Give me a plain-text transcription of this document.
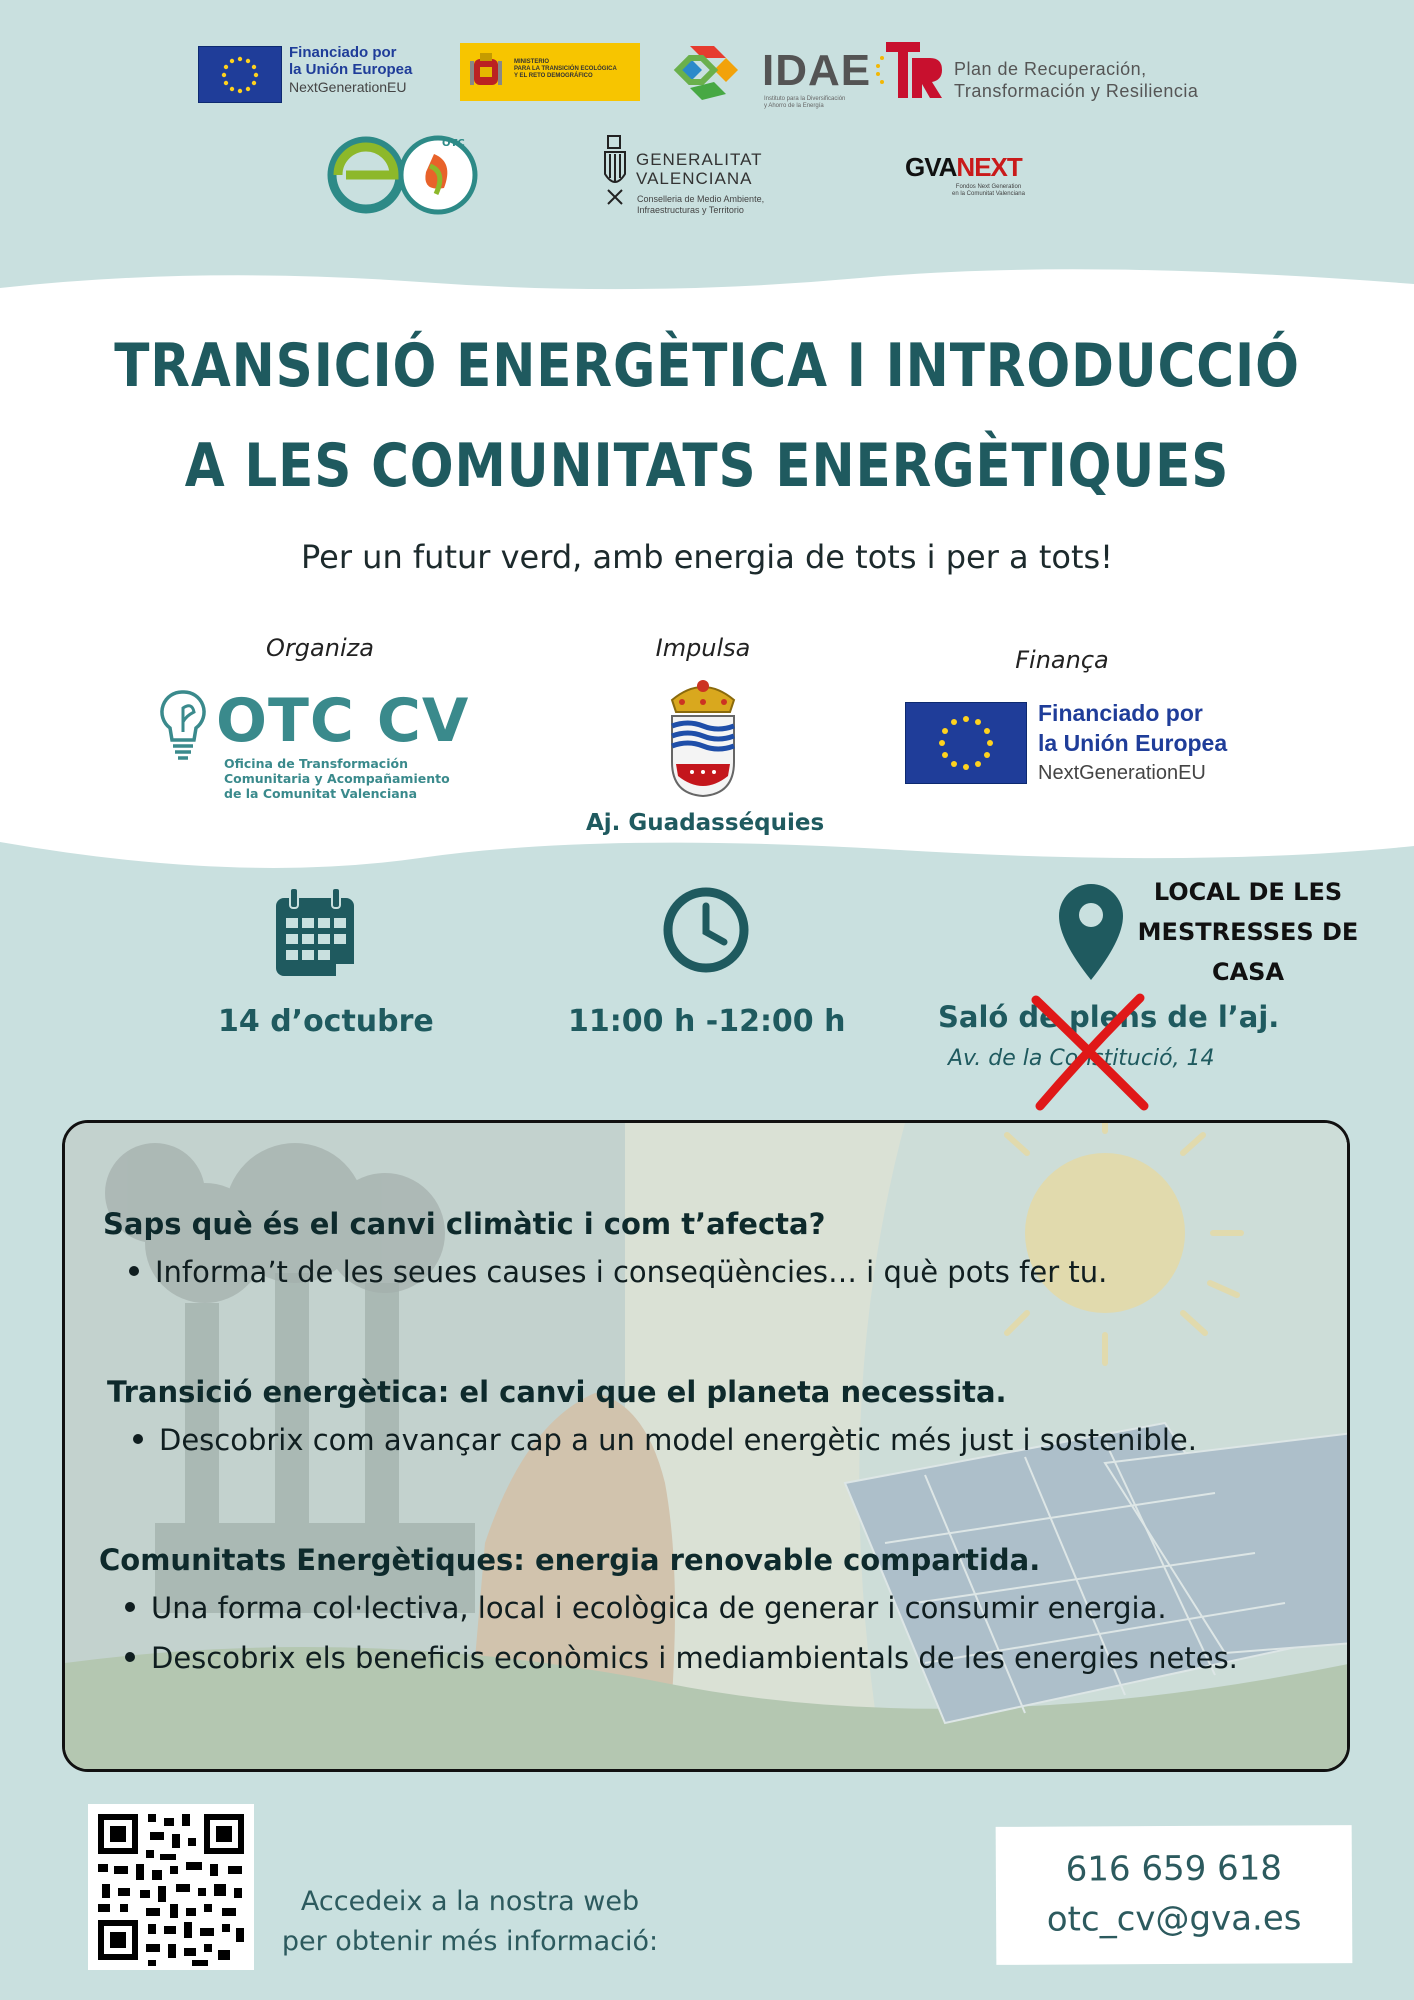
Financiado por
la Unión Europea
NextGenerationEU
MINISTERIO
PARA LA TRANSICIÓN ECOLÓGICA
Y EL RETO DEMOGRÁFICO	IDAE
Instituto para la Diversificación
y Ahorro de la Energía
Plan de Recuperación,
Transformación y Resiliencia
OTC
GENERALITAT
VALENCIANA
Conselleria de Medio Ambiente,
Infraestructuras y Territorio
GVANEXT
Fondos Next Generation
en la Comunitat Valenciana
TRANSICIÓ ENERGÈTICA I INTRODUCCIÓ
A LES COMUNITATS ENERGÈTIQUES
Per un futur verd, amb energia de tots i per a tots!
Organiza
OTC CV
Oficina de Transformación
Comunitaria y Acompañamiento
de la Comunitat Valenciana
Impulsa
Aj. Guadasséquies
Finança
Financiado por
la Unión Europea
NextGenerationEU
14 d’octubre	11:00 h -12:00 h
LOCAL DE LES
MESTRESSES DE
CASA
Saló de plens de l’aj.
Av. de la Constitució, 14
Saps què és el canvi climàtic i com t’afecta?
Informa’t de les seues causes i conseqüències… i què pots fer tu.
Transició energètica: el canvi que el planeta necessita.
Descobrix com avançar cap a un model energètic més just i sostenible.
Comunitats Energètiques: energia renovable compartida.
Una forma col·lectiva, local i ecològica de generar i consumir energia.
Descobrix els beneficis econòmics i mediambientals de les energies netes.
Accedeix a la nostra web
per obtenir més informació:
616 659 618
otc_cv@gva.es
